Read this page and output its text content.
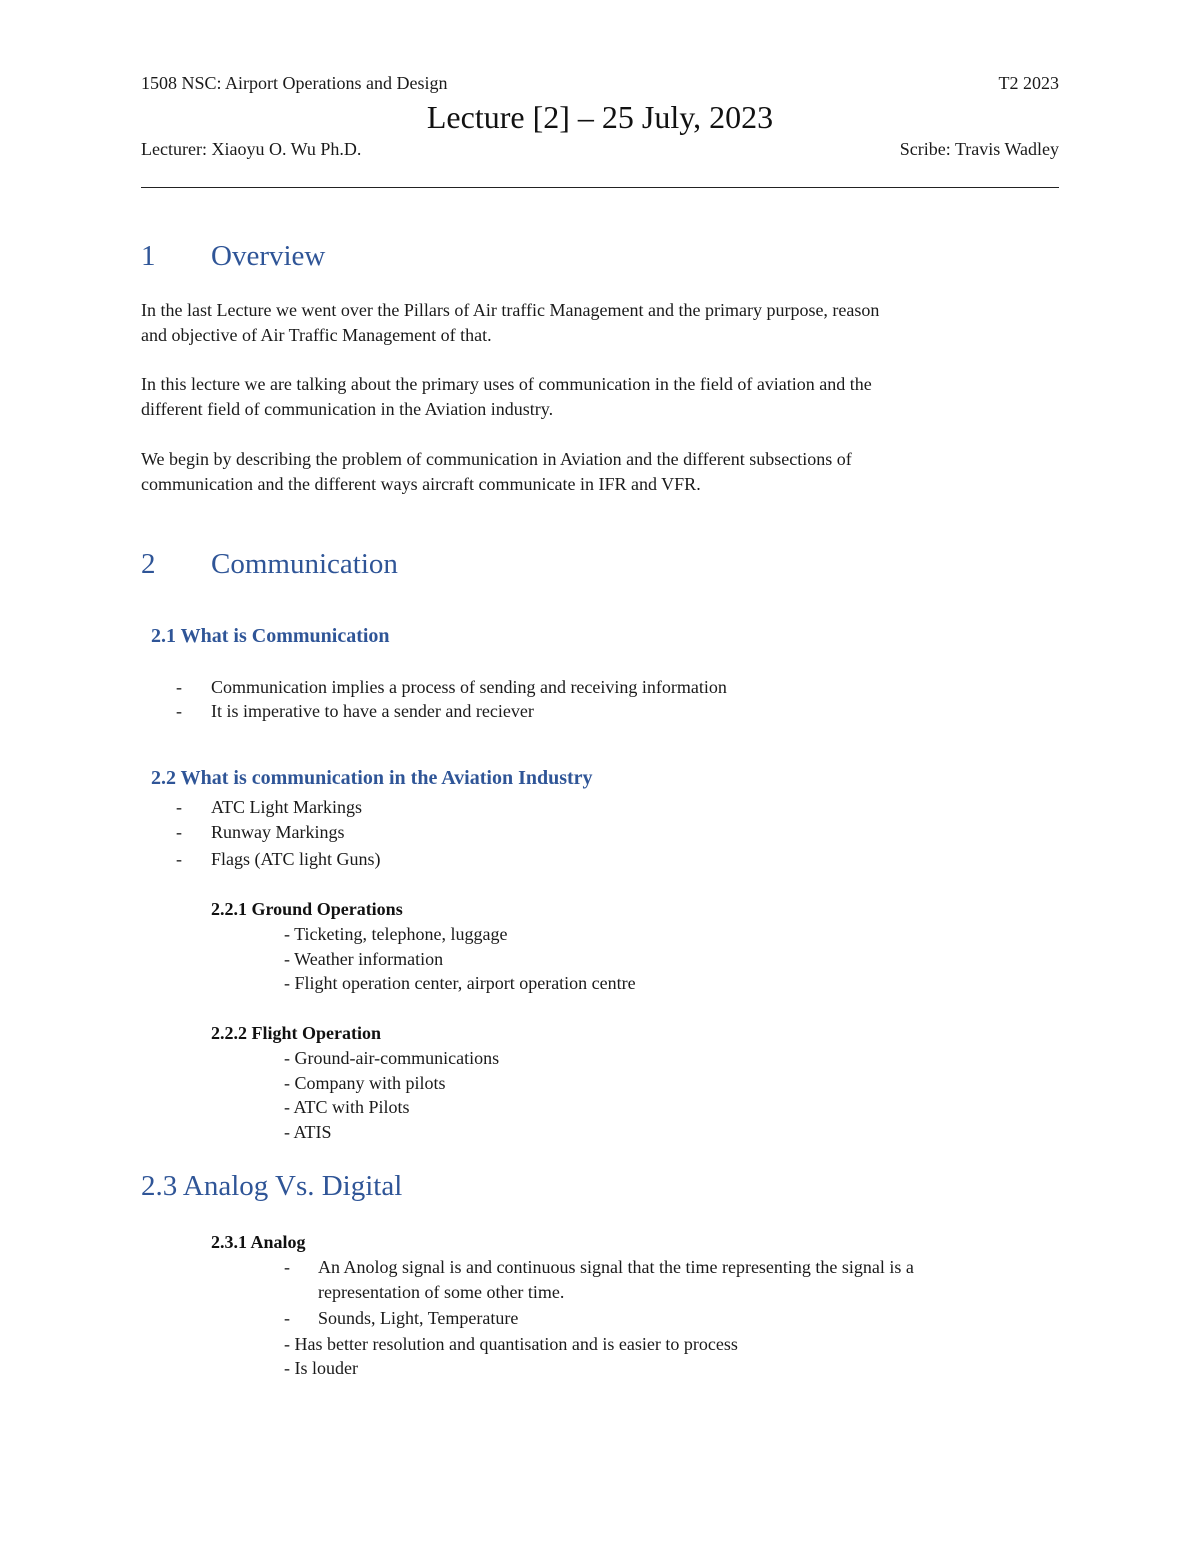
1508 NSC: Airport Operations and Design	T2 2023
Lecture [2] – 25 July, 2023
Lecturer: Xiaoyu O. Wu Ph.D.	Scribe: Travis Wadley
1 Overview
In the last Lecture we went over the Pillars of Air traffic Management and the primary purpose, reason
and objective of Air Traffic Management of that.
In this lecture we are talking about the primary uses of communication in the field of aviation and the
different field of communication in the Aviation industry.
We begin by describing the problem of communication in Aviation and the different subsections of
communication and the different ways aircraft communicate in IFR and VFR.
2 Communication
2.1 What is Communication
- Communication implies a process of sending and receiving information
- It is imperative to have a sender and reciever
2.2 What is communication in the Aviation Industry
- ATC Light Markings
- Runway Markings
- Flags (ATC light Guns)
2.2.1 Ground Operations
- Ticketing, telephone, luggage
- Weather information
- Flight operation center, airport operation centre
2.2.2 Flight Operation
- Ground-air-communications
- Company with pilots
- ATC with Pilots
- ATIS
2.3 Analog Vs. Digital
2.3.1 Analog
- An Anolog signal is and continuous signal that the time representing the signal is a
representation of some other time.
- Sounds, Light, Temperature
- Has better resolution and quantisation and is easier to process
- Is louder
